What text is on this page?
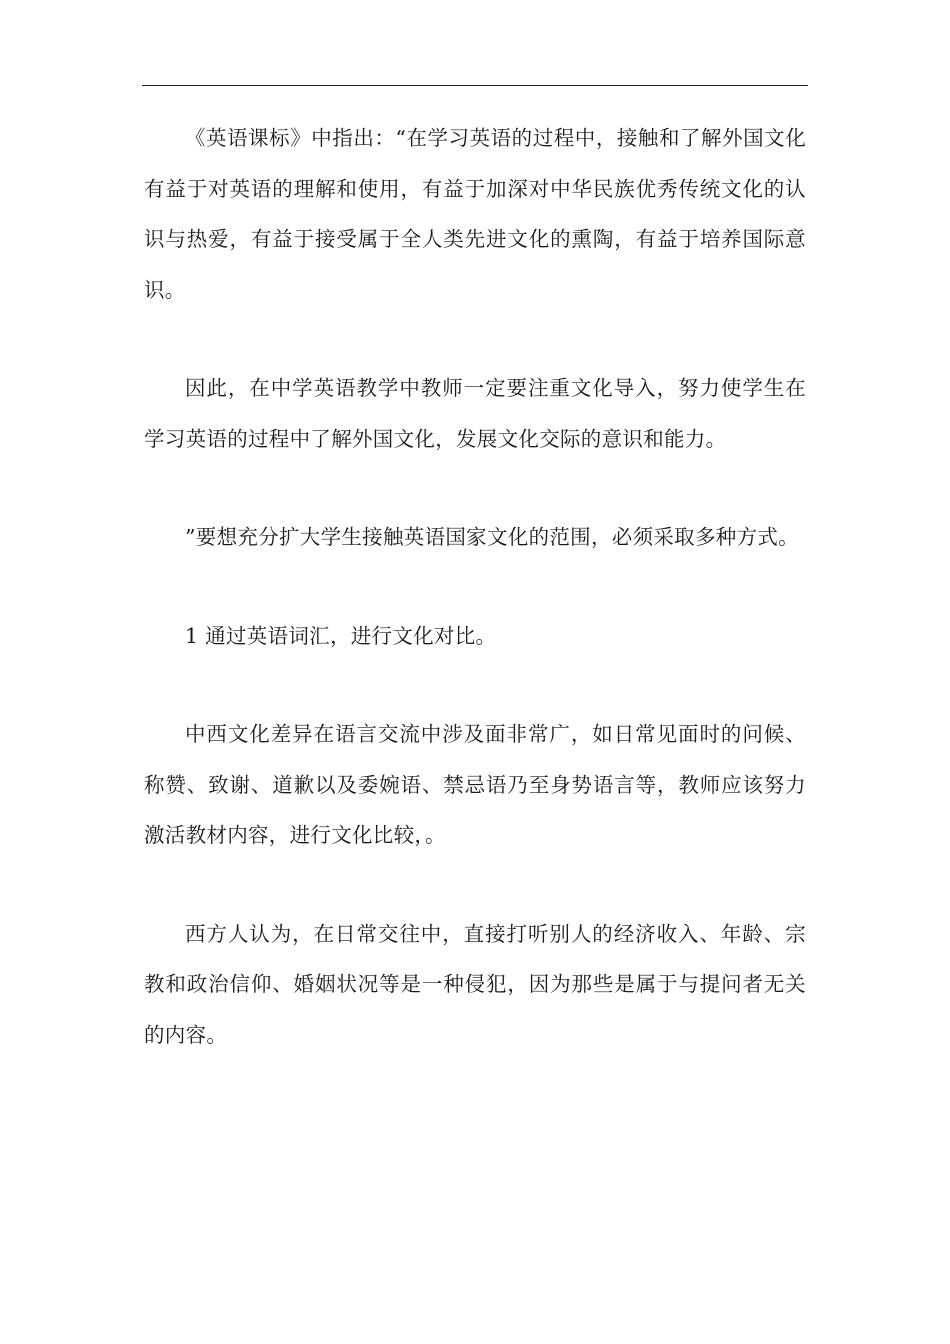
《英语课标》中指出：“在学习英语的过程中，接触和了解外国文化有益于对英语的理解和使用，有益于加深对中华民族优秀传统文化的认识与热爱，有益于接受属于全人类先进文化的熏陶，有益于培养国际意识。

因此，在中学英语教学中教师一定要注重文化导入，努力使学生在学习英语的过程中了解外国文化，发展文化交际的意识和能力。

”要想充分扩大学生接触英语国家文化的范围，必须采取多种方式。

1 通过英语词汇，进行文化对比。

中西文化差异在语言交流中涉及面非常广，如日常见面时的问候、称赞、致谢、道歉以及委婉语、禁忌语乃至身势语言等，教师应该努力激活教材内容，进行文化比较，。

西方人认为，在日常交往中，直接打听别人的经济收入、年龄、宗教和政治信仰、婚姻状况等是一种侵犯，因为那些是属于与提问者无关的内容。
